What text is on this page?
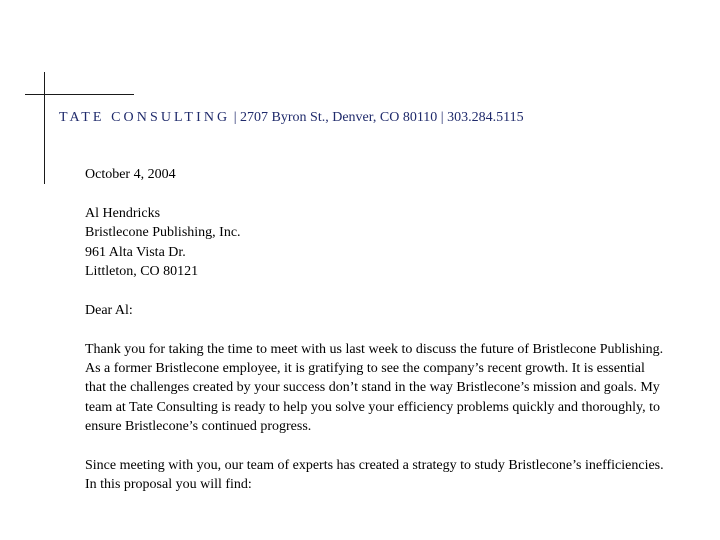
TATE CONSULTING | 2707 Byron St., Denver, CO 80110 | 303.284.5115

October 4, 2004

Al Hendricks

Bristlecone Publishing, Inc.

961 Alta Vista Dr.

Littleton, CO 80121

Dear Al:

Thank you for taking the time to meet with us last week to discuss the future of Bristlecone Publishing. As a former Bristlecone employee, it is gratifying to see the company’s recent growth. It is essential that the challenges created by your success don’t stand in the way Bristlecone’s mission and goals. My team at Tate Consulting is ready to help you solve your efficiency problems quickly and thoroughly, to ensure Bristlecone’s continued progress.

Since meeting with you, our team of experts has created a strategy to study Bristlecone’s inefficiencies. In this proposal you will find:
